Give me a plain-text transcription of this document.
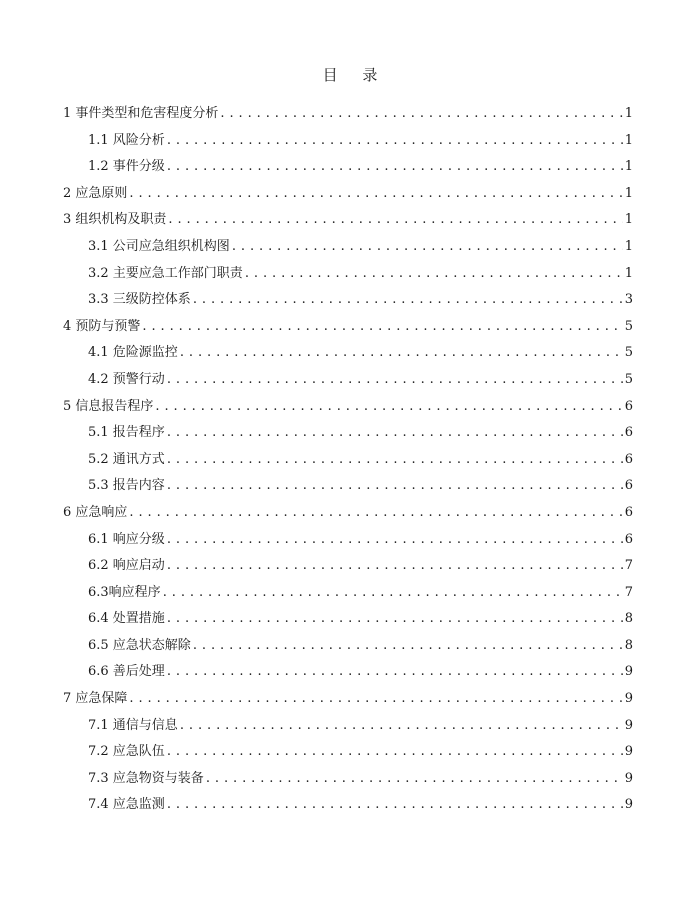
目 录
1 事件类型和危害程度分析 . . .	1
1.1 风险分析 . . .	1
1.2 事件分级 . . .	1
2 应急原则 . . .	1
3 组织机构及职责 . . .	1
3.1 公司应急组织机构图 . . .	1
3.2 主要应急工作部门职责 . . .	1
3.3 三级防控体系 . . .	3
4 预防与预警 . . .	5
4.1 危险源监控 . . .	5
4.2 预警行动 . . .	5
5 信息报告程序 . . .	6
5.1 报告程序 . . .	6
5.2 通讯方式 . . .	6
5.3 报告内容 . . .	6
6 应急响应 . . .	6
6.1 响应分级 . . .	6
6.2 响应启动 . . .	7
6.3响应程序 . . .	7
6.4 处置措施 . . .	8
6.5 应急状态解除 . . .	8
6.6 善后处理 . . .	9
7 应急保障 . . .	9
7.1 通信与信息 . . .	9
7.2 应急队伍 . . .	9
7.3 应急物资与装备 . . .	9
7.4 应急监测 . . .	9
